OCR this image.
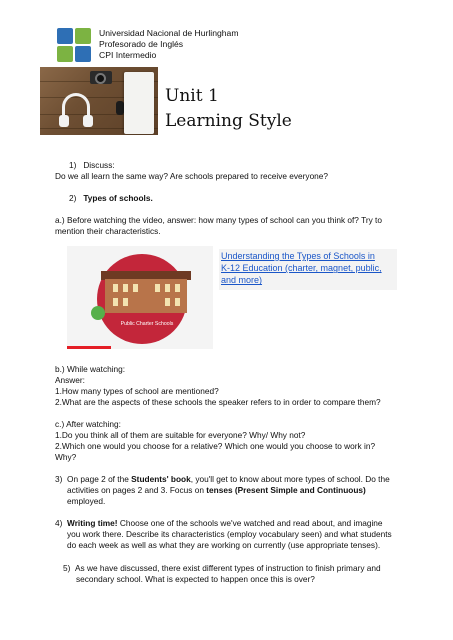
Universidad Nacional de Hurlingham
Profesorado de Inglés
CPI Intermedio
Unit 1
Learning Style

1) Discuss:

Do we all learn the same way? Are schools prepared to receive everyone?

2) Types of schools.

a.) Before watching the video, answer: how many types of school can you think of? Try to

mention their characteristics.

Public Charter Schools
Understanding the Types of Schools in
K-12 Education (charter, magnet, public,
and more)

b.) While watching:

Answer:

1.How many types of school are mentioned?

2.What are the aspects of these schools the speaker refers to in order to compare them?

c.) After watching:

1.Do you think all of them are suitable for everyone? Why/ Why not?

2.Which one would you choose for a relative? Which one would you choose to work in?

Why?

3) On page 2 of the Students' book, you'll get to know about more types of school. Do the

activities on pages 2 and 3. Focus on tenses (Present Simple and Continuous)

employed.

4) Writing time! Choose one of the schools we've watched and read about, and imagine

you work there. Describe its characteristics (employ vocabulary seen) and what students

do each week as well as what they are working on currently (use appropriate tenses).

5) As we have discussed, there exist different types of instruction to finish primary and

secondary school. What is expected to happen once this is over?
